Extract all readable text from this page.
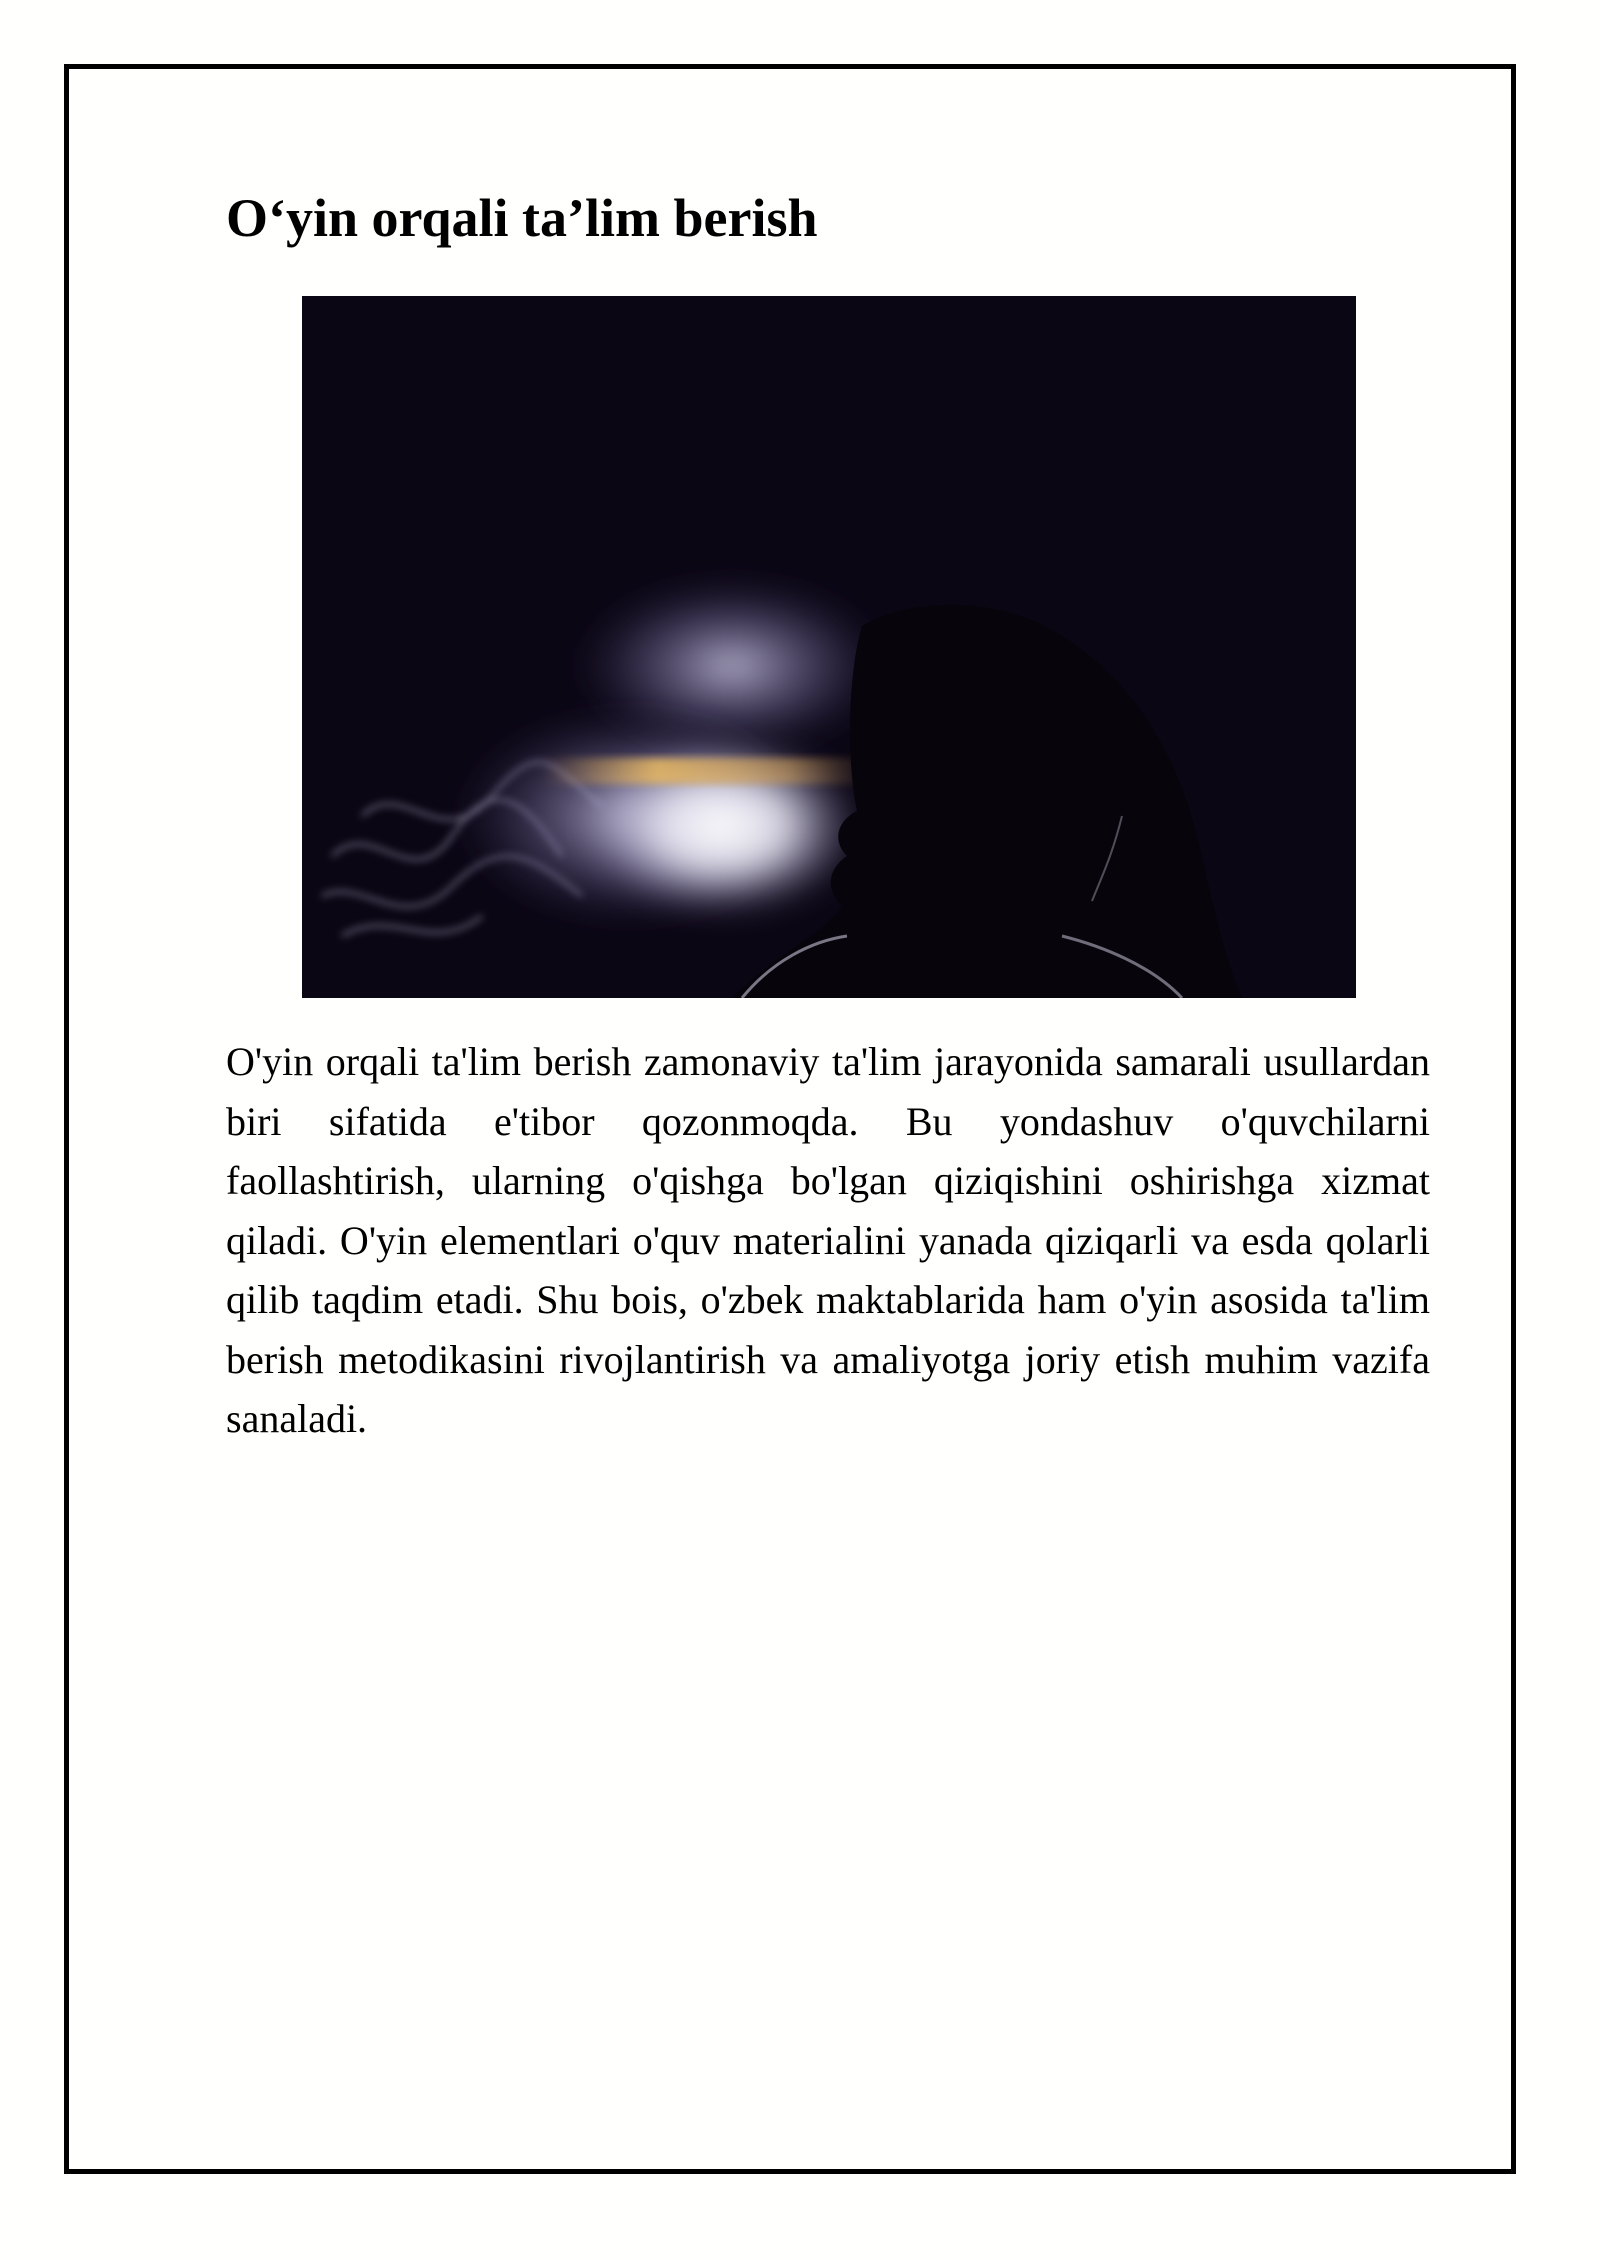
O‘yin orqali ta’lim berish

O'yin orqali ta'lim berish zamonaviy ta'lim jarayonida samarali usullardan biri sifatida e'tibor qozonmoqda. Bu yondashuv o'quvchilarni faollashtirish, ularning o'qishga bo'lgan qiziqishini oshirishga xizmat qiladi. O'yin elementlari o'quv materialini yanada qiziqarli va esda qolarli qilib taqdim etadi. Shu bois, o'zbek maktablarida ham o'yin asosida ta'lim berish metodikasini rivojlantirish va amaliyotga joriy etish muhim vazifa sanaladi.
